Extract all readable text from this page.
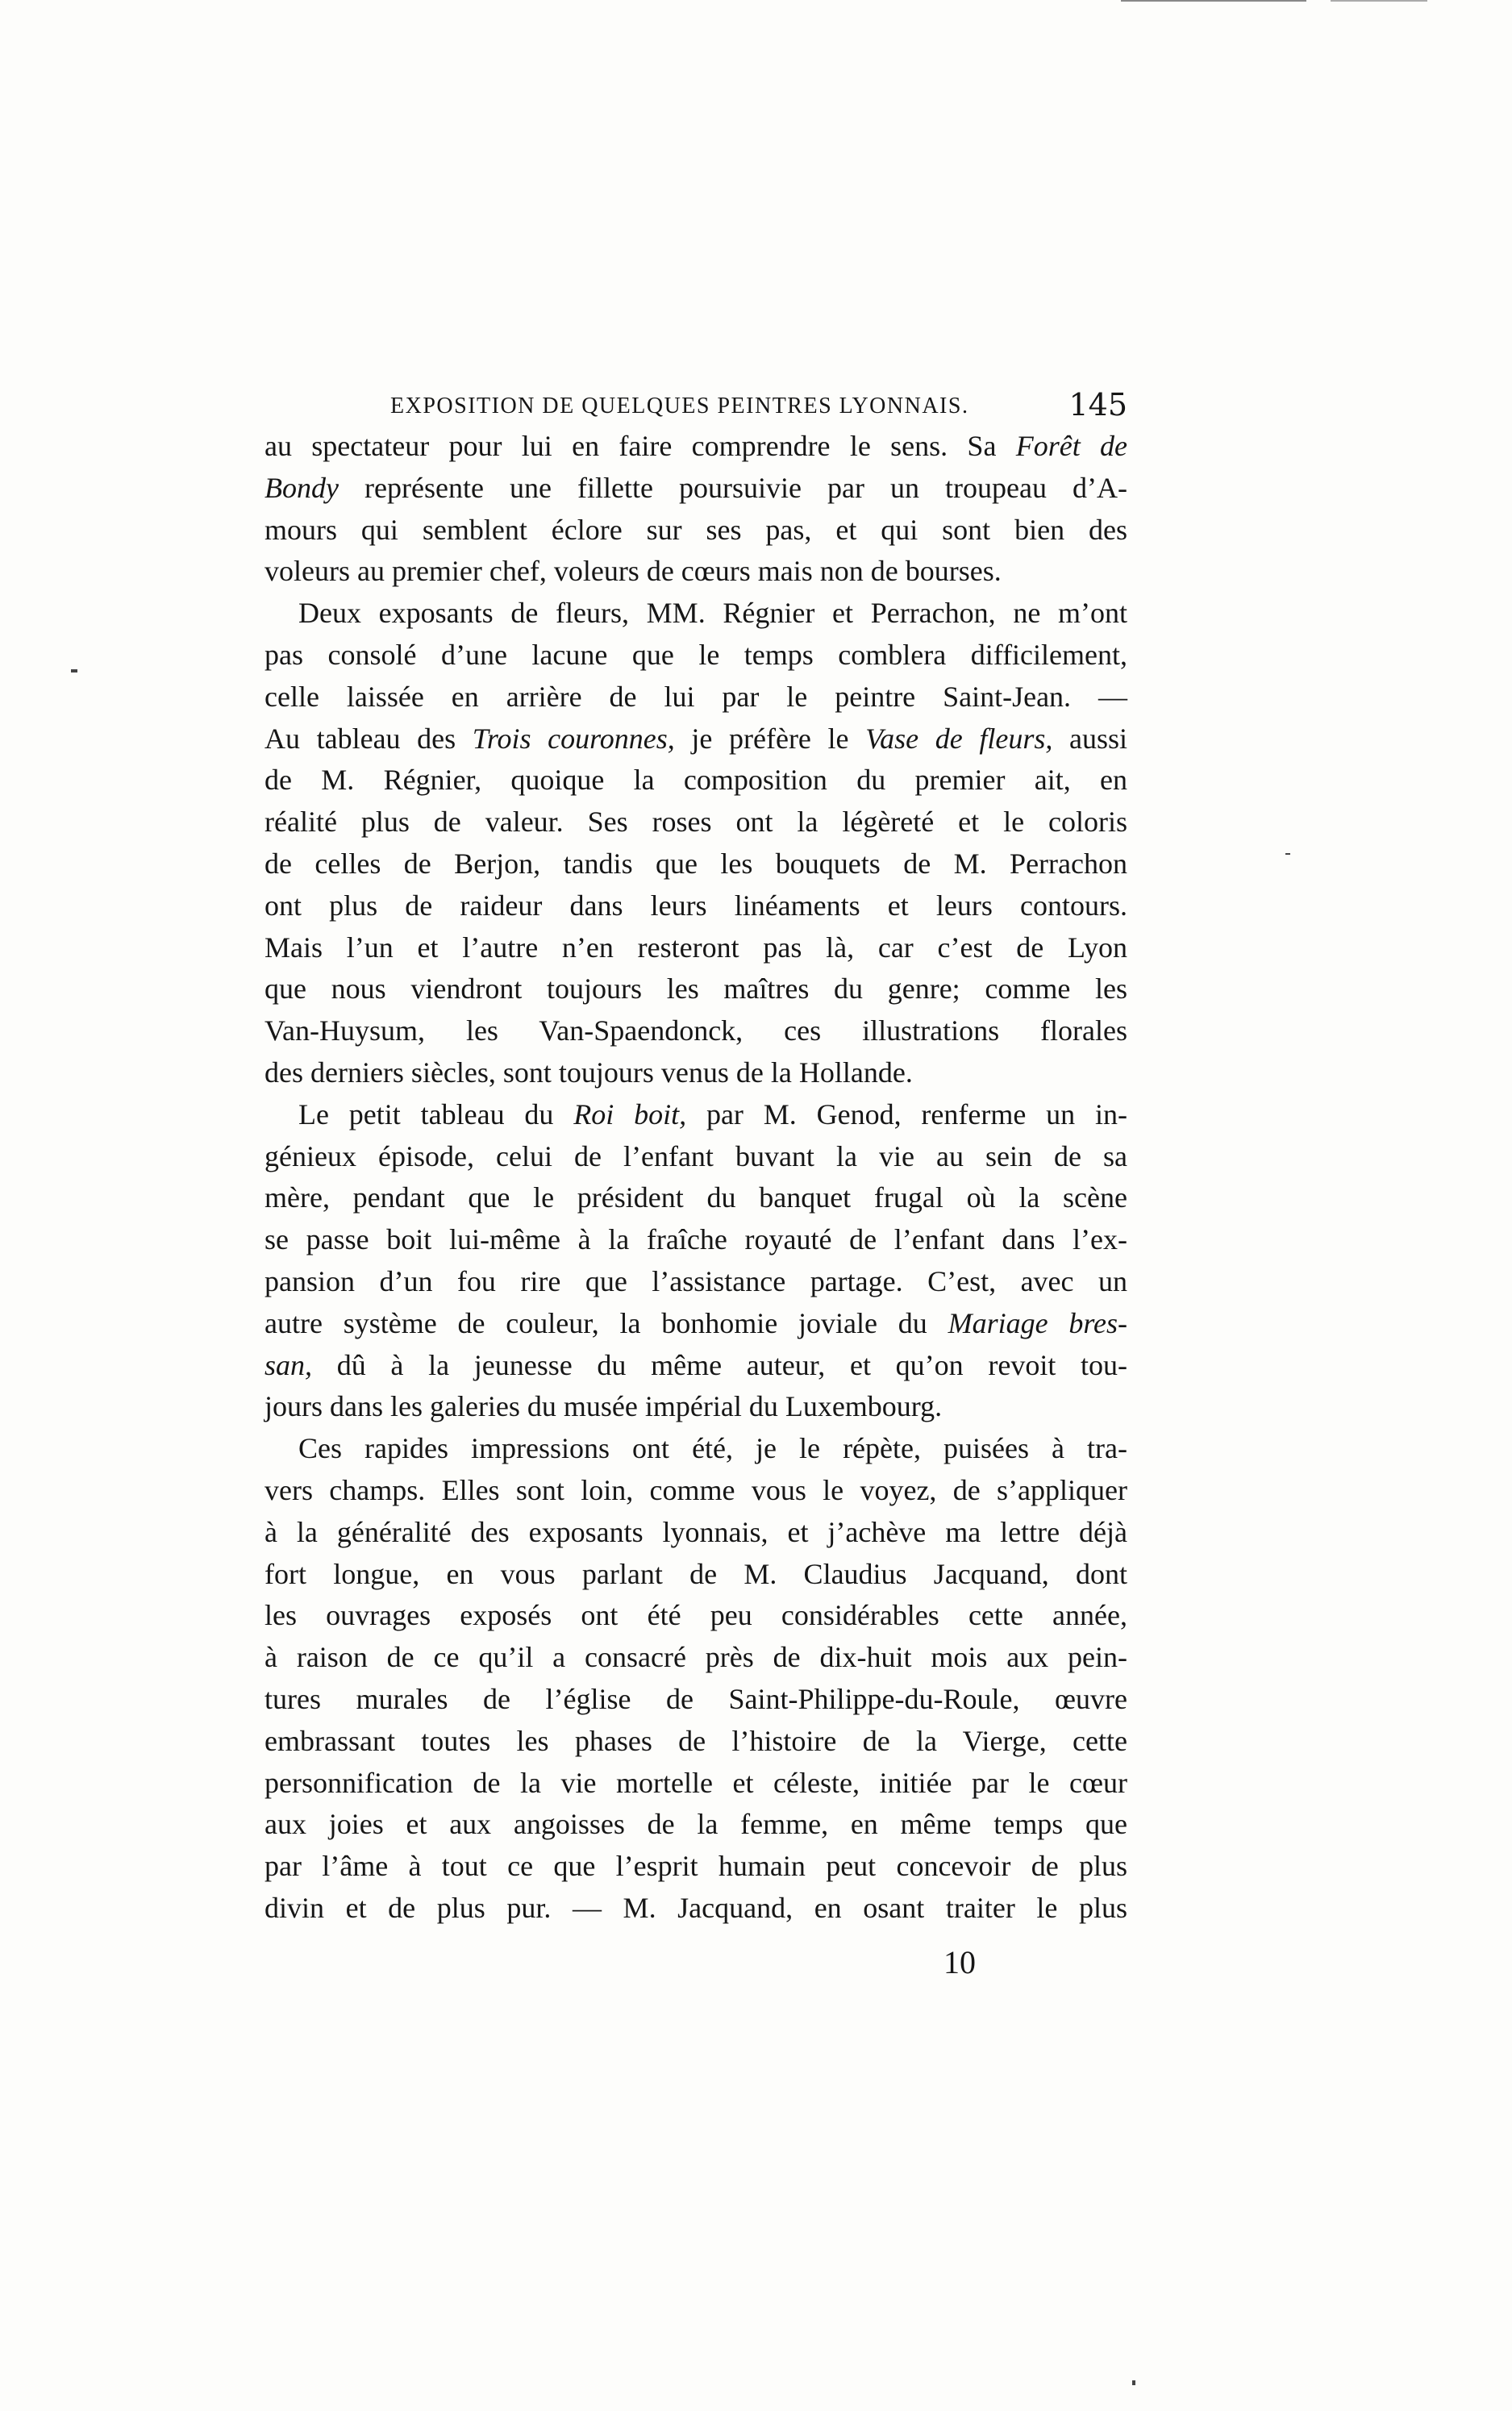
EXPOSITION DE QUELQUES PEINTRES LYONNAIS.	145
au spectateur pour lui en faire comprendre le sens. Sa Forêt de
Bondy représente une fillette poursuivie par un troupeau d’A-
mours qui semblent éclore sur ses pas, et qui sont bien des
voleurs au premier chef, voleurs de cœurs mais non de bourses.
Deux exposants de fleurs, MM. Régnier et Perrachon, ne m’ont
pas consolé d’une lacune que le temps comblera difficilement,
celle laissée en arrière de lui par le peintre Saint-Jean. —
Au tableau des Trois couronnes, je préfère le Vase de fleurs, aussi
de M. Régnier, quoique la composition du premier ait, en
réalité plus de valeur. Ses roses ont la légèreté et le coloris
de celles de Berjon, tandis que les bouquets de M. Perrachon
ont plus de raideur dans leurs linéaments et leurs contours.
Mais l’un et l’autre n’en resteront pas là, car c’est de Lyon
que nous viendront toujours les maîtres du genre; comme les
Van-Huysum, les Van-Spaendonck, ces illustrations florales
des derniers siècles, sont toujours venus de la Hollande.
Le petit tableau du Roi boit, par M. Genod, renferme un in-
génieux épisode, celui de l’enfant buvant la vie au sein de sa
mère, pendant que le président du banquet frugal où la scène
se passe boit lui-même à la fraîche royauté de l’enfant dans l’ex-
pansion d’un fou rire que l’assistance partage. C’est, avec un
autre système de couleur, la bonhomie joviale du Mariage bres-
san, dû à la jeunesse du même auteur, et qu’on revoit tou-
jours dans les galeries du musée impérial du Luxembourg.
Ces rapides impressions ont été, je le répète, puisées à tra-
vers champs. Elles sont loin, comme vous le voyez, de s’appliquer
à la généralité des exposants lyonnais, et j’achève ma lettre déjà
fort longue, en vous parlant de M. Claudius Jacquand, dont
les ouvrages exposés ont été peu considérables cette année,
à raison de ce qu’il a consacré près de dix-huit mois aux pein-
tures murales de l’église de Saint-Philippe-du-Roule, œuvre
embrassant toutes les phases de l’histoire de la Vierge, cette
personnification de la vie mortelle et céleste, initiée par le cœur
aux joies et aux angoisses de la femme, en même temps que
par l’âme à tout ce que l’esprit humain peut concevoir de plus
divin et de plus pur. — M. Jacquand, en osant traiter le plus
10
